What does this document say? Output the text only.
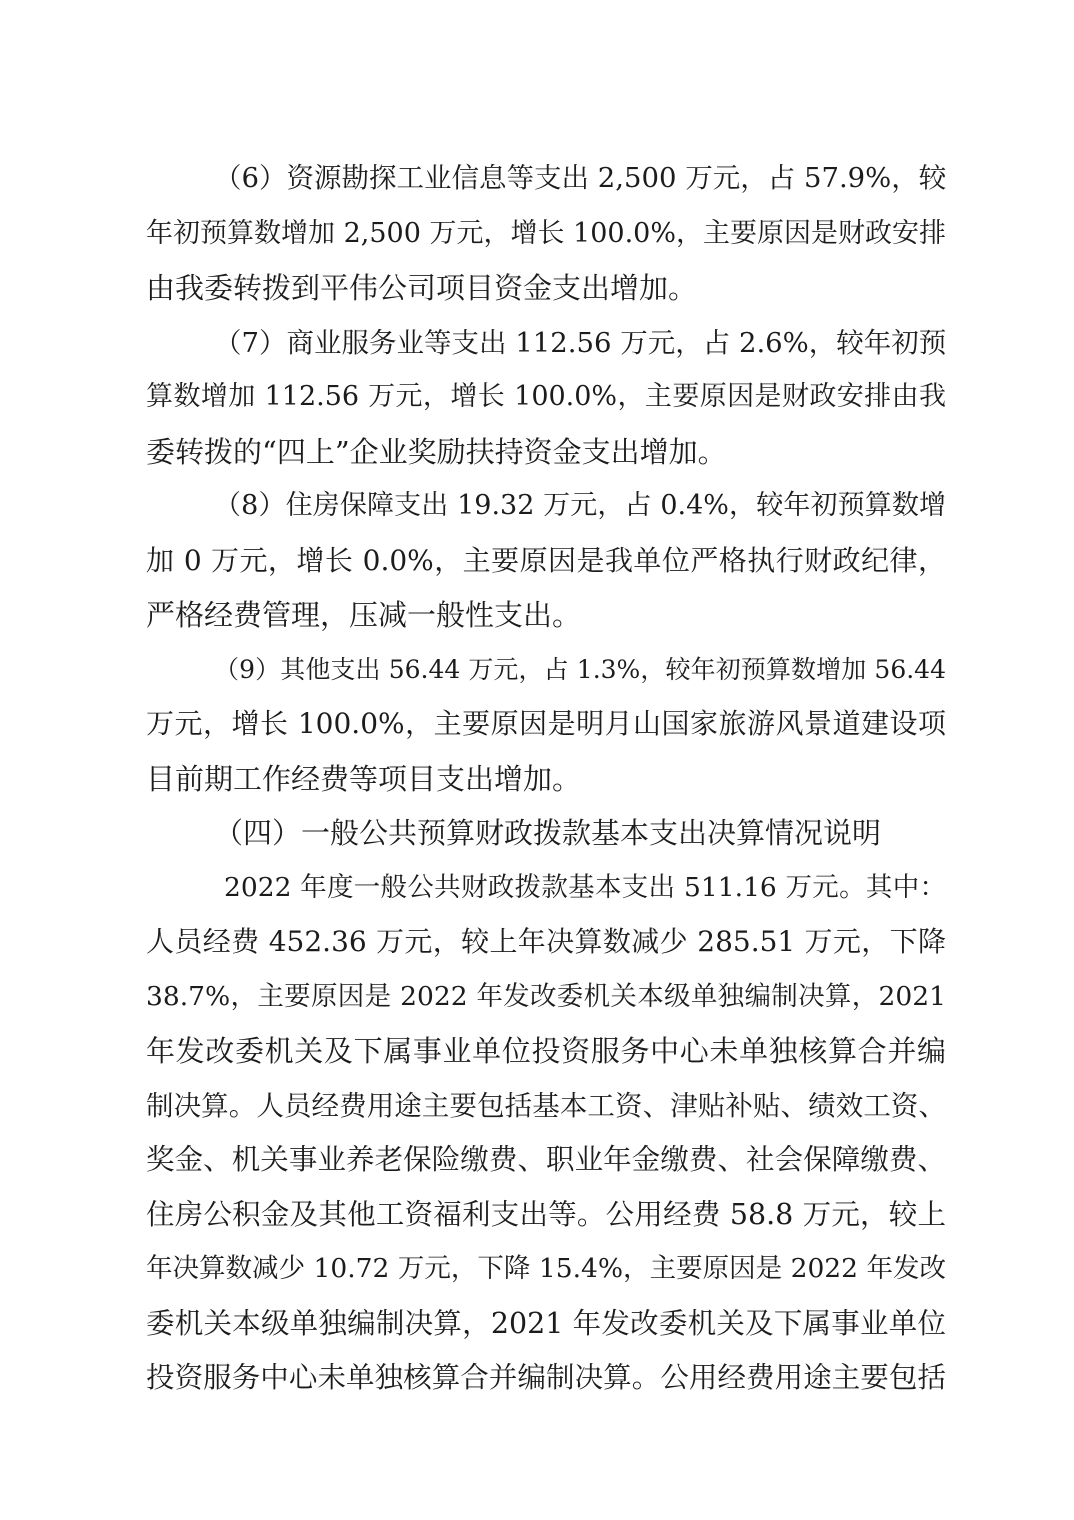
（6）资源勘探工业信息等支出 2,500 万元，占 57.9%，较
年初预算数增加 2,500 万元，增长 100.0%，主要原因是财政安排
由我委转拨到平伟公司项目资金支出增加。
（7）商业服务业等支出 112.56 万元，占 2.6%，较年初预
算数增加 112.56 万元，增长 100.0%，主要原因是财政安排由我
委转拨的“四上”企业奖励扶持资金支出增加。
（8）住房保障支出 19.32 万元，占 0.4%，较年初预算数增
加 0 万元，增长 0.0%，主要原因是我单位严格执行财政纪律，
严格经费管理，压减一般性支出。
（9）其他支出 56.44 万元，占 1.3%，较年初预算数增加 56.44
万元，增长 100.0%，主要原因是明月山国家旅游风景道建设项
目前期工作经费等项目支出增加。
（四）一般公共预算财政拨款基本支出决算情况说明
2022 年度一般公共财政拨款基本支出 511.16 万元。其中：
人员经费 452.36 万元，较上年决算数减少 285.51 万元，下降
38.7%，主要原因是 2022 年发改委机关本级单独编制决算，2021
年发改委机关及下属事业单位投资服务中心未单独核算合并编
制决算。人员经费用途主要包括基本工资、津贴补贴、绩效工资、
奖金、机关事业养老保险缴费、职业年金缴费、社会保障缴费、
住房公积金及其他工资福利支出等。公用经费 58.8 万元，较上
年决算数减少 10.72 万元，下降 15.4%，主要原因是 2022 年发改
委机关本级单独编制决算，2021 年发改委机关及下属事业单位
投资服务中心未单独核算合并编制决算。公用经费用途主要包括
